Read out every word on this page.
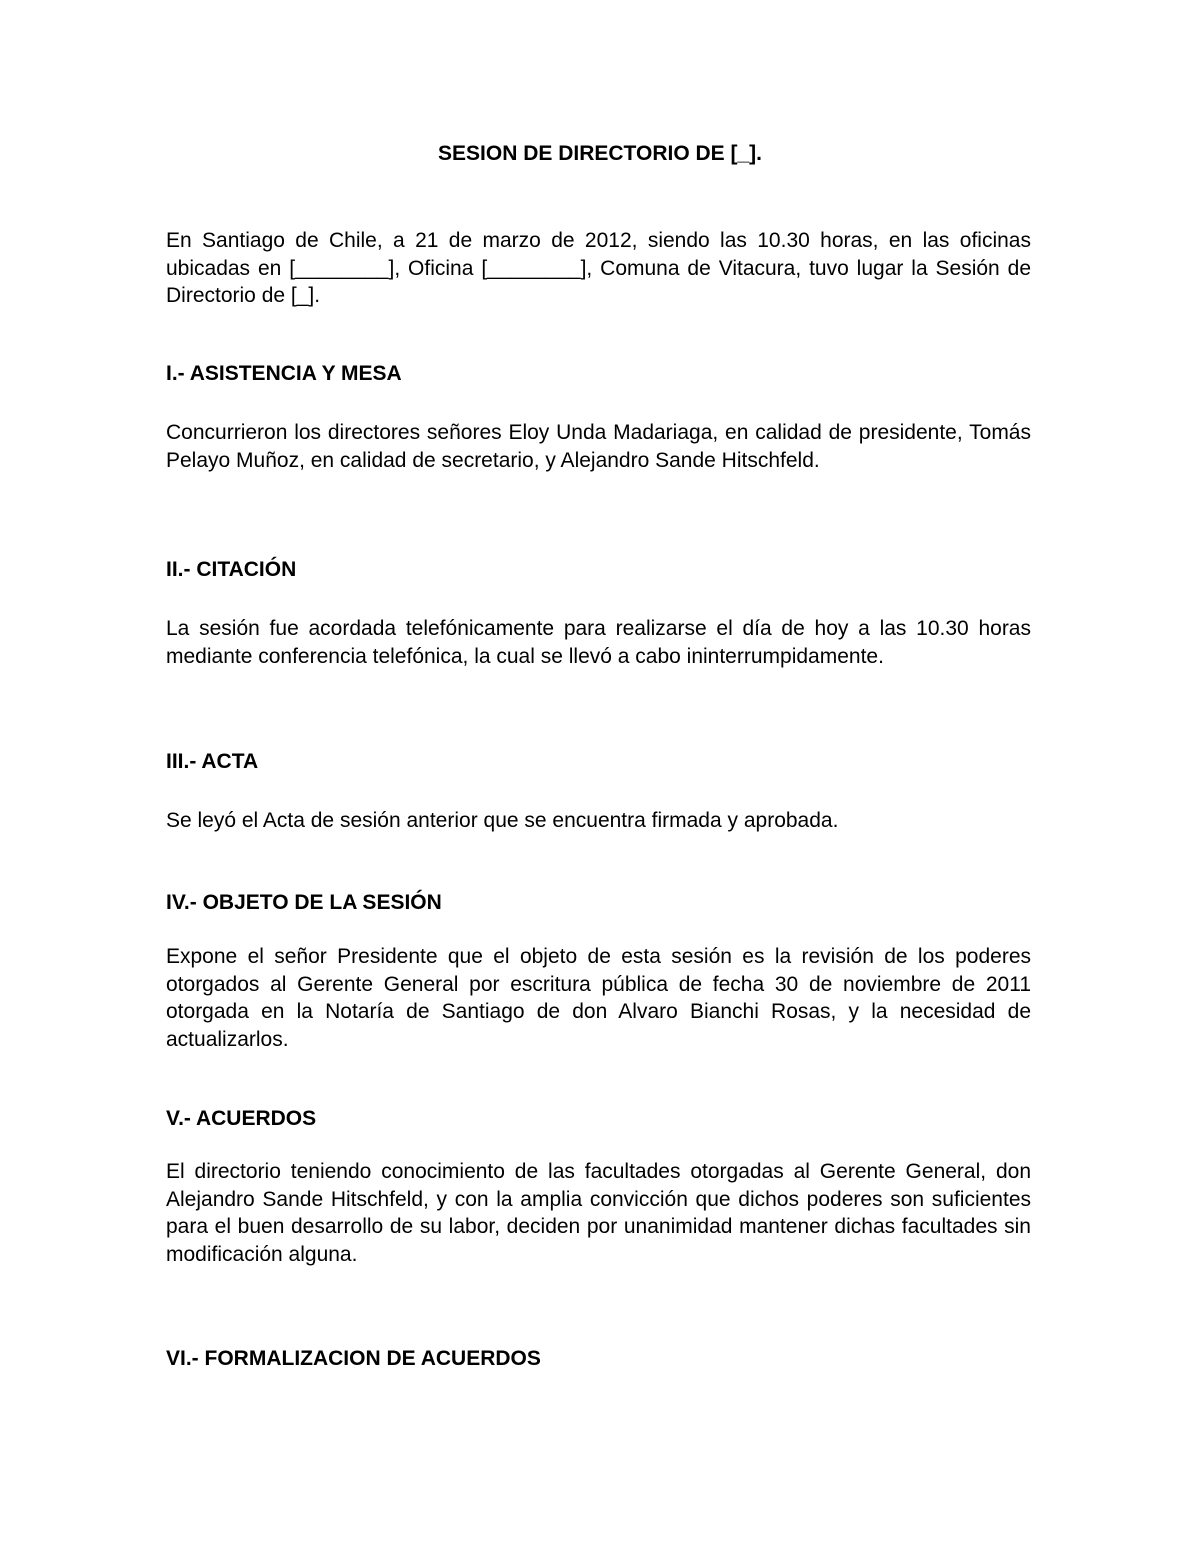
SESION DE DIRECTORIO DE [_].

En Santiago de Chile, a 21 de marzo de 2012, siendo las 10.30 horas, en las oficinas ubicadas en [________], Oficina [________], Comuna de Vitacura, tuvo lugar la Sesión de Directorio de [_].

I.- ASISTENCIA Y MESA

Concurrieron los directores señores Eloy Unda Madariaga, en calidad de presidente, Tomás Pelayo Muñoz, en calidad de secretario, y Alejandro Sande Hitschfeld.

II.- CITACIÓN

La sesión fue acordada telefónicamente para realizarse el día de hoy a las 10.30 horas mediante conferencia telefónica, la cual se llevó a cabo ininterrumpidamente.

III.- ACTA

Se leyó el Acta de sesión anterior que se encuentra firmada y aprobada.

IV.- OBJETO DE LA SESIÓN

Expone el señor Presidente que el objeto de esta sesión es la revisión de los poderes otorgados al Gerente General por escritura pública de fecha 30 de noviembre de 2011 otorgada en la Notaría de Santiago de don Alvaro Bianchi Rosas, y la necesidad de actualizarlos.

V.- ACUERDOS

El directorio teniendo conocimiento de las facultades otorgadas al Gerente General, don Alejandro Sande Hitschfeld, y con la amplia convicción que dichos poderes son suficientes para el buen desarrollo de su labor, deciden por unanimidad mantener dichas facultades sin modificación alguna.

VI.- FORMALIZACION DE ACUERDOS
